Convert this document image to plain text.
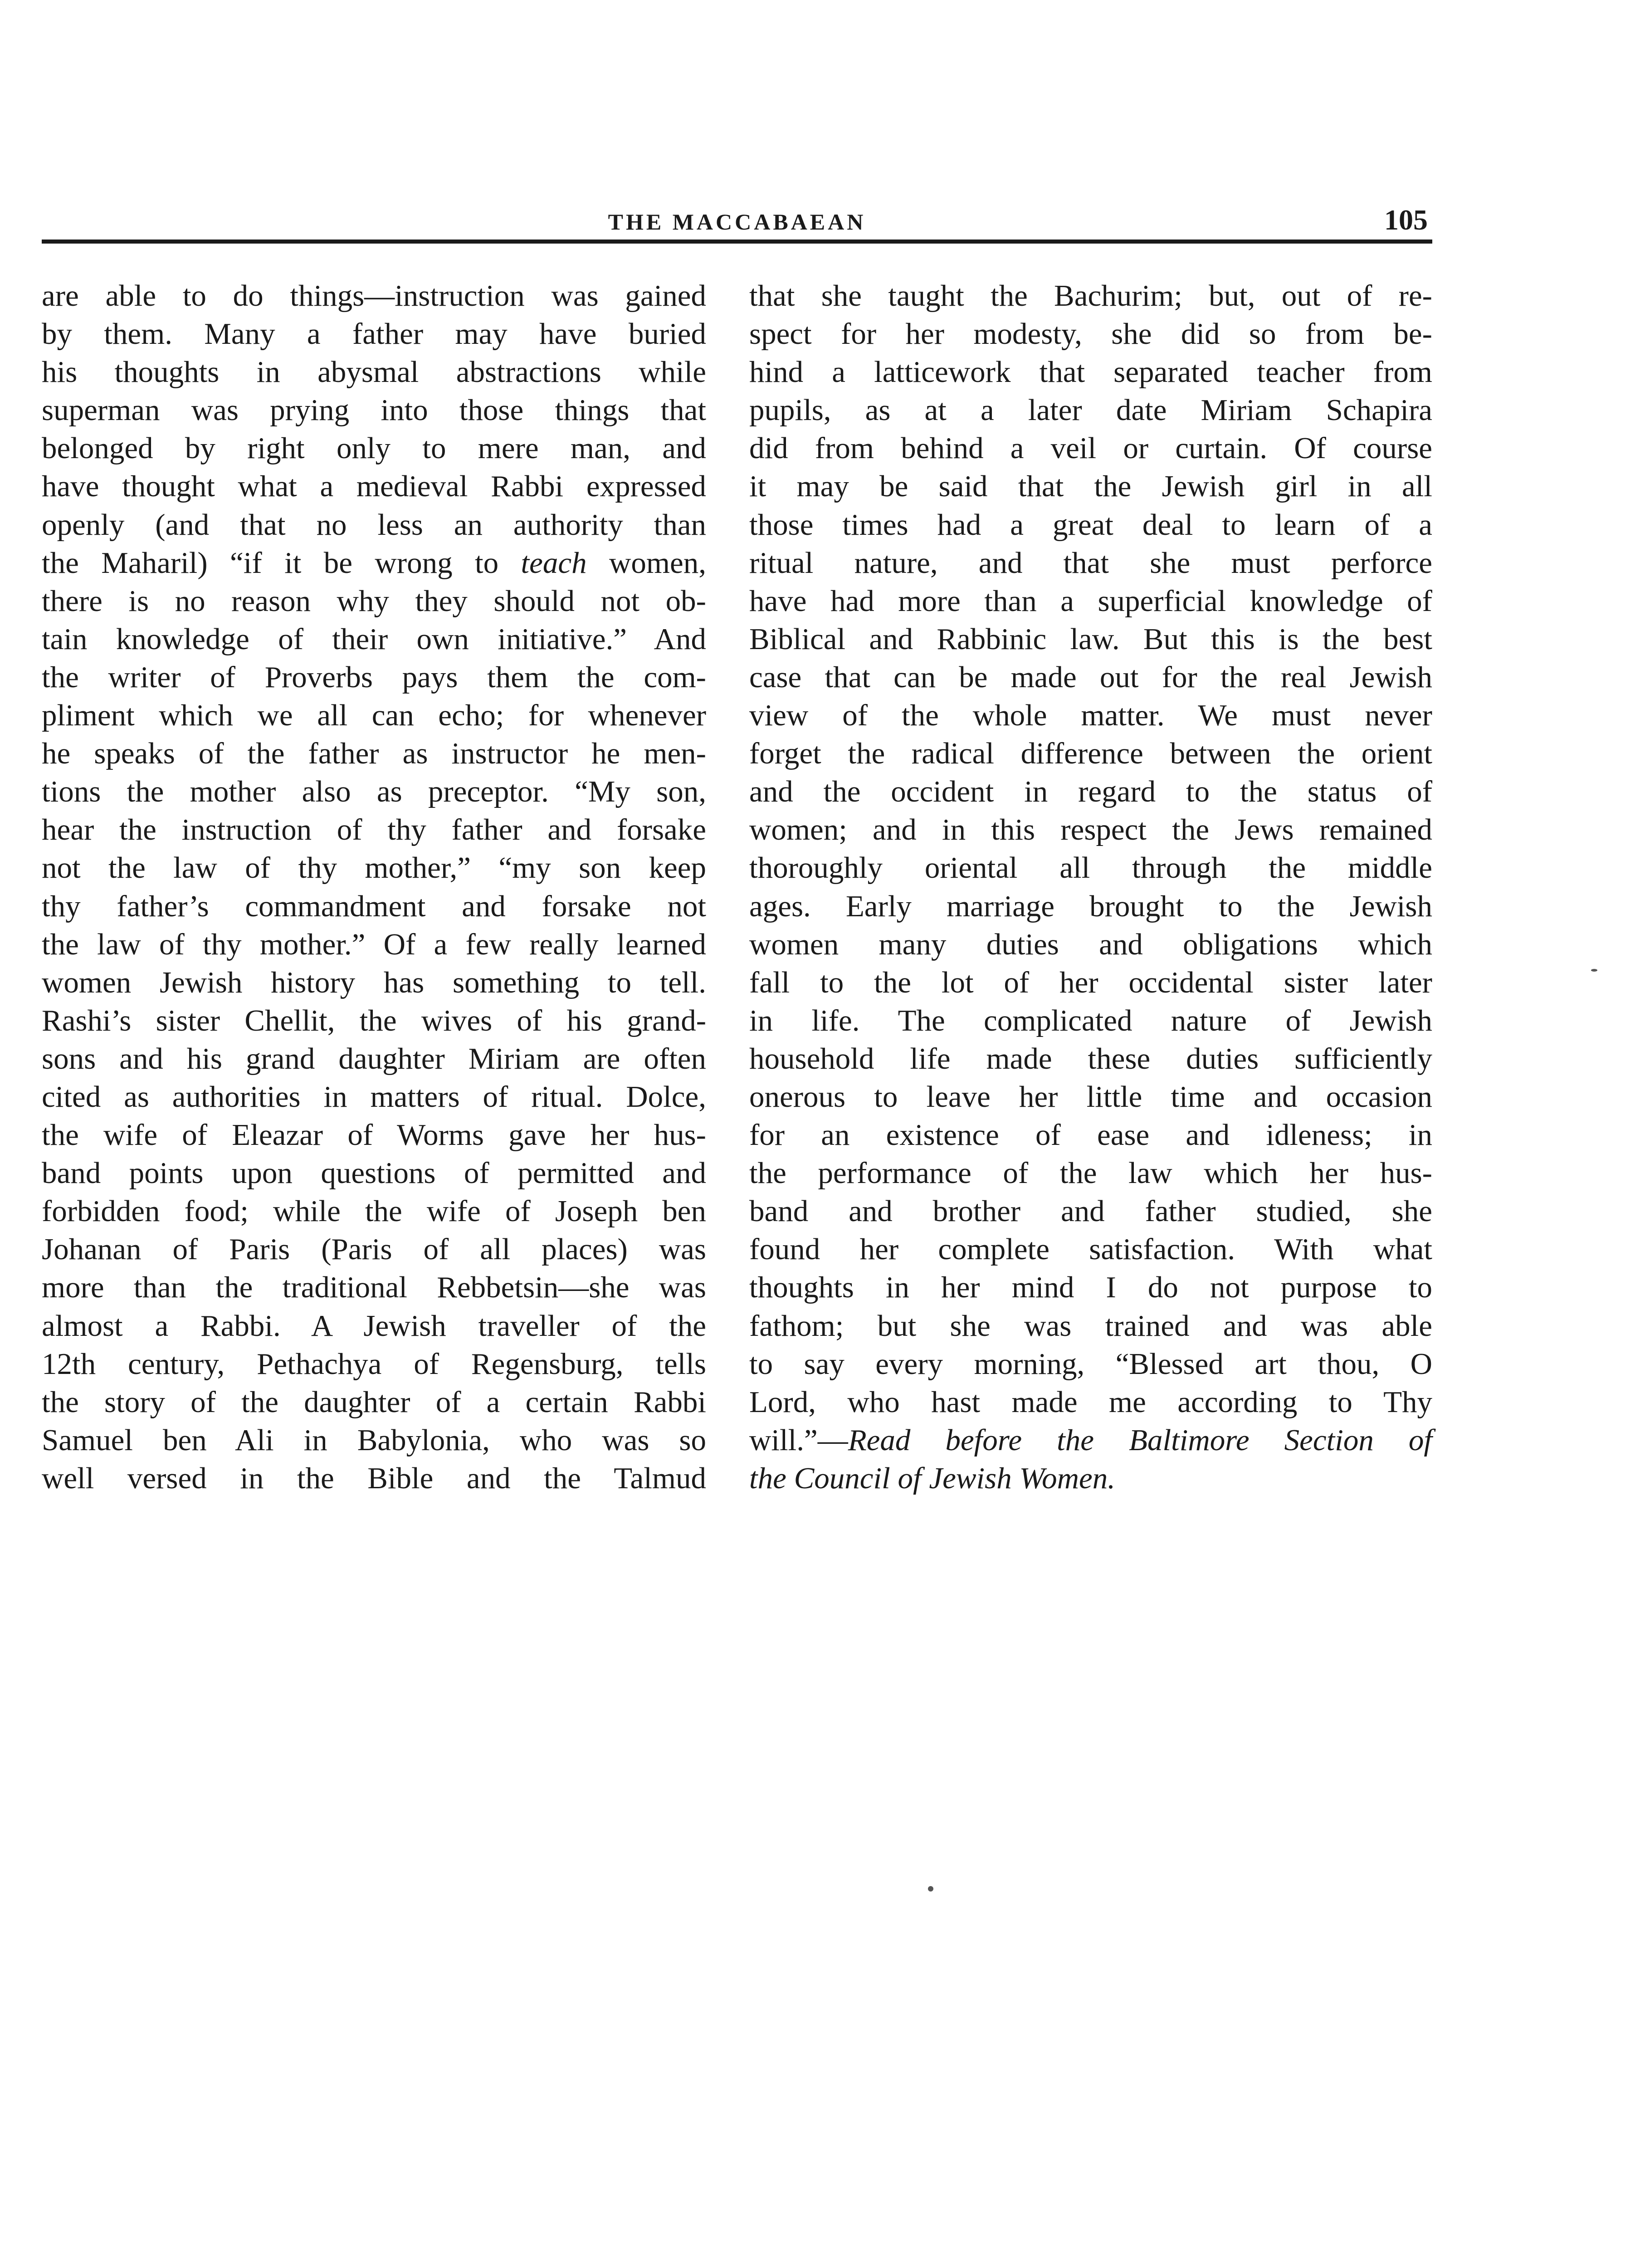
THE MACCABAEAN	105
are able to do things—instruction was gained
by them. Many a father may have buried
his thoughts in abysmal abstractions while
superman was prying into those things that
belonged by right only to mere man, and
have thought what a medieval Rabbi expressed
openly (and that no less an authority than
the Maharil) “if it be wrong to teach women,
there is no reason why they should not ob-
tain knowledge of their own initiative.” And
the writer of Proverbs pays them the com-
pliment which we all can echo; for whenever
he speaks of the father as instructor he men-
tions the mother also as preceptor. “My son,
hear the instruction of thy father and forsake
not the law of thy mother,” “my son keep
thy father’s commandment and forsake not
the law of thy mother.” Of a few really learned
women Jewish history has something to tell.
Rashi’s sister Chellit, the wives of his grand-
sons and his grand daughter Miriam are often
cited as authorities in matters of ritual. Dolce,
the wife of Eleazar of Worms gave her hus-
band points upon questions of permitted and
forbidden food; while the wife of Joseph ben
Johanan of Paris (Paris of all places) was
more than the traditional Rebbetsin—she was
almost a Rabbi. A Jewish traveller of the
12th century, Pethachya of Regensburg, tells
the story of the daughter of a certain Rabbi
Samuel ben Ali in Babylonia, who was so
well versed in the Bible and the Talmud
that she taught the Bachurim; but, out of re-
spect for her modesty, she did so from be-
hind a latticework that separated teacher from
pupils, as at a later date Miriam Schapira
did from behind a veil or curtain. Of course
it may be said that the Jewish girl in all
those times had a great deal to learn of a
ritual nature, and that she must perforce
have had more than a superficial knowledge of
Biblical and Rabbinic law. But this is the best
case that can be made out for the real Jewish
view of the whole matter. We must never
forget the radical difference between the orient
and the occident in regard to the status of
women; and in this respect the Jews remained
thoroughly oriental all through the middle
ages. Early marriage brought to the Jewish
women many duties and obligations which
fall to the lot of her occidental sister later
in life. The complicated nature of Jewish
household life made these duties sufficiently
onerous to leave her little time and occasion
for an existence of ease and idleness; in
the performance of the law which her hus-
band and brother and father studied, she
found her complete satisfaction. With what
thoughts in her mind I do not purpose to
fathom; but she was trained and was able
to say every morning, “Blessed art thou, O
Lord, who hast made me according to Thy
will.”—Read before the Baltimore Section of
the Council of Jewish Women.
